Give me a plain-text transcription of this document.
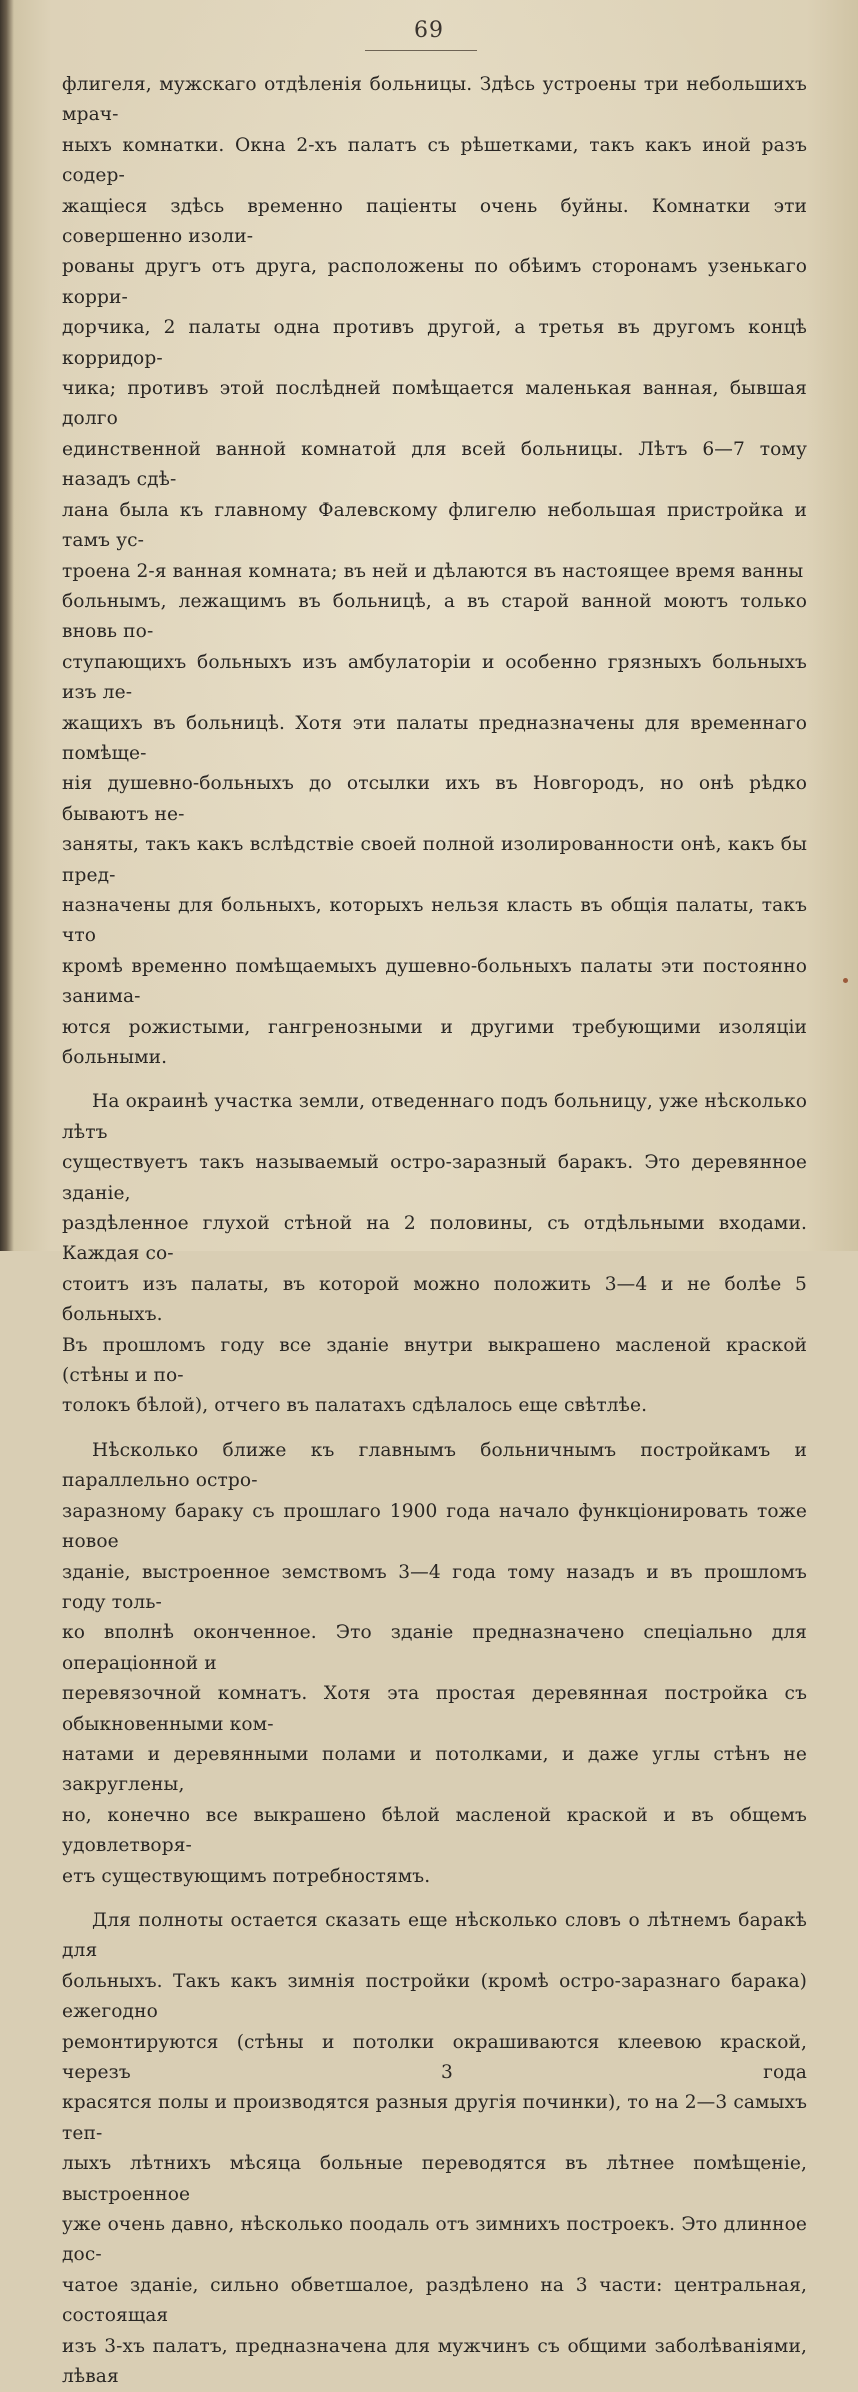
69

флигеля, мужскаго отдѣленія больницы. Здѣсь устроены три небольшихъ мрач-
ныхъ комнатки. Окна 2-хъ палатъ съ рѣшетками, такъ какъ иной разъ содер-
жащіеся здѣсь временно паціенты очень буйны. Комнатки эти совершенно изоли-
рованы другъ отъ друга, расположены по обѣимъ сторонамъ узенькаго корри-
дорчика, 2 палаты одна противъ другой, а третья въ другомъ концѣ корридор-
чика; противъ этой послѣдней помѣщается маленькая ванная, бывшая долго
единственной ванной комнатой для всей больницы. Лѣтъ 6—7 тому назадъ сдѣ-
лана была къ главному Фалевскому флигелю небольшая пристройка и тамъ ус-
троена 2-я ванная комната; въ ней и дѣлаются въ настоящее время ванны
больнымъ, лежащимъ въ больницѣ, а въ старой ванной моютъ только вновь по-
ступающихъ больныхъ изъ амбулаторіи и особенно грязныхъ больныхъ изъ ле-
жащихъ въ больницѣ. Хотя эти палаты предназначены для временнаго помѣще-
нія душевно-больныхъ до отсылки ихъ въ Новгородъ, но онѣ рѣдко бываютъ не-
заняты, такъ какъ вслѣдствіе своей полной изолированности онѣ, какъ бы пред-
назначены для больныхъ, которыхъ нельзя класть въ общія палаты, такъ что
кромѣ временно помѣщаемыхъ душевно-больныхъ палаты эти постоянно занима-
ются рожистыми, гангренозными и другими требующими изоляціи больными.

На окраинѣ участка земли, отведеннаго подъ больницу, уже нѣсколько лѣтъ
существуетъ такъ называемый остро-заразный баракъ. Это деревянное зданіе,
раздѣленное глухой стѣной на 2 половины, съ отдѣльными входами. Каждая со-
стоитъ изъ палаты, въ которой можно положить 3—4 и не болѣе 5 больныхъ.
Въ прошломъ году все зданіе внутри выкрашено масленой краской (стѣны и по-
толокъ бѣлой), отчего въ палатахъ сдѣлалось еще свѣтлѣе.

Нѣсколько ближе къ главнымъ больничнымъ постройкамъ и параллельно остро-
заразному бараку съ прошлаго 1900 года начало функціонировать тоже новое
зданіе, выстроенное земствомъ 3—4 года тому назадъ и въ прошломъ году толь-
ко вполнѣ оконченное. Это зданіе предназначено спеціально для операціонной и
перевязочной комнатъ. Хотя эта простая деревянная постройка съ обыкновенными ком-
натами и деревянными полами и потолками, и даже углы стѣнъ не закруглены,
но, конечно все выкрашено бѣлой масленой краской и въ общемъ удовлетворя-
етъ существующимъ потребностямъ.

Для полноты остается сказать еще нѣсколько словъ о лѣтнемъ баракѣ для
больныхъ. Такъ какъ зимнія постройки (кромѣ остро-заразнаго барака) ежегодно
ремонтируются (стѣны и потолки окрашиваются клеевою краской, черезъ 3 года
красятся полы и производятся разныя другія починки), то на 2—3 самыхъ теп-
лыхъ лѣтнихъ мѣсяца больные переводятся въ лѣтнее помѣщеніе, выстроенное
уже очень давно, нѣсколько поодаль отъ зимнихъ построекъ. Это длинное дос-
чатое зданіе, сильно обветшалое, раздѣлено на 3 части: центральная, состоящая
изъ 3-хъ палатъ, предназначена для мужчинъ съ общими заболѣваніями, лѣвая
